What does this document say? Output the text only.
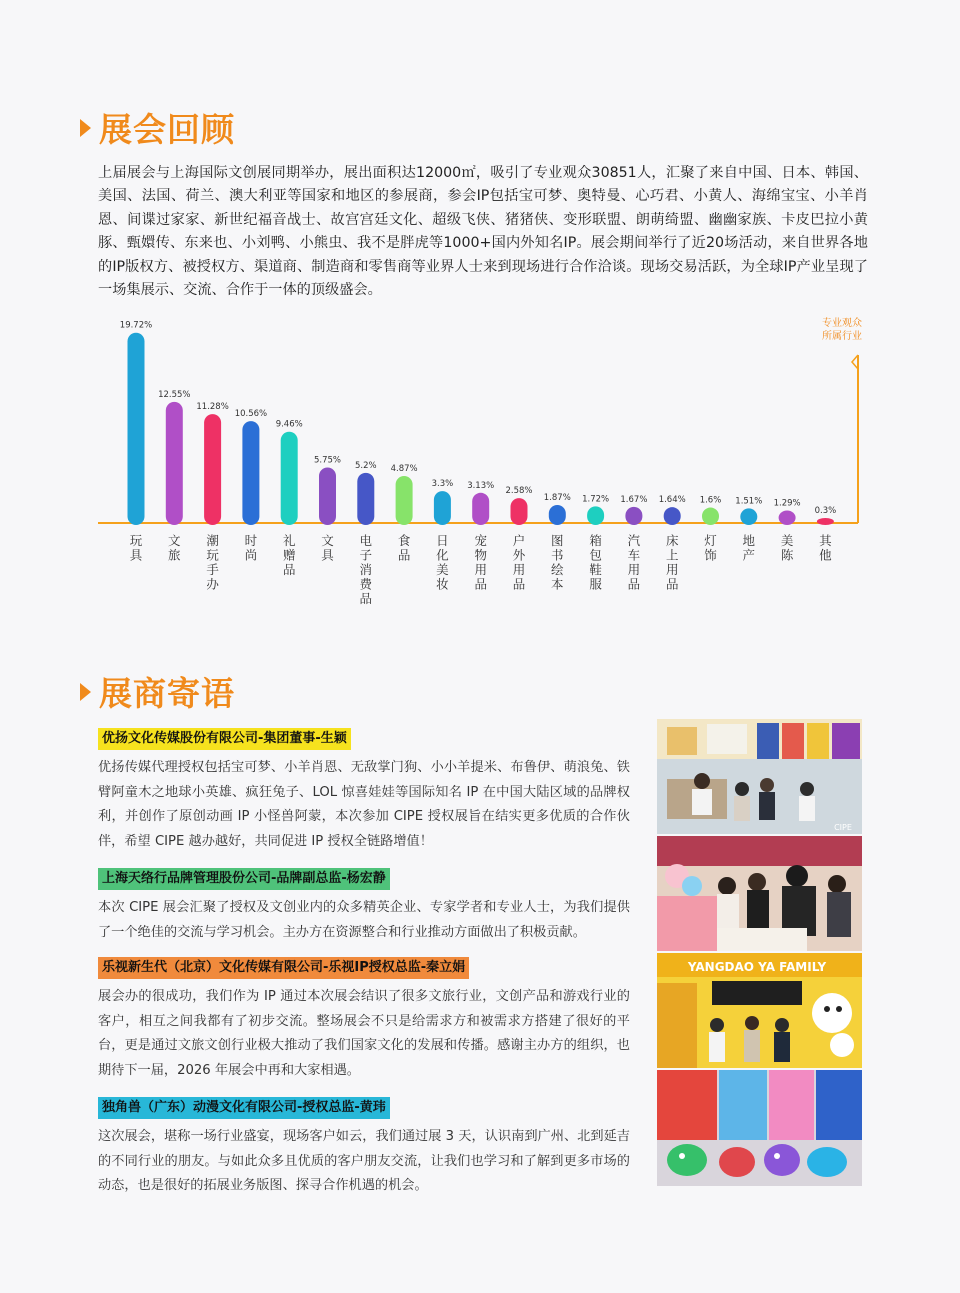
展会回顾

上届展会与上海国际文创展同期举办，展出面积达12000㎡，吸引了专业观众30851人，汇聚了来自中国、日本、韩国、美国、法国、荷兰、澳大利亚等国家和地区的参展商，参会IP包括宝可梦、奥特曼、心巧君、小黄人、海绵宝宝、小羊肖恩、间谍过家家、新世纪福音战士、故宫宫廷文化、超级飞侠、猪猪侠、变形联盟、朗萌绮盟、幽幽家族、卡皮巴拉小黄豚、甄嬛传、东来也、小刘鸭、小熊虫、我不是胖虎等1000+国内外知名IP。展会期间举行了近20场活动，来自世界各地的IP版权方、被授权方、渠道商、制造商和零售商等业界人士来到现场进行合作洽谈。现场交易活跃，为全球IP产业呈现了一场集展示、交流、合作于一体的顶级盛会。

专业观众
所属行业
19.72%
玩
具
12.55%
文
旅
11.28%
潮
玩
手
办
10.56%
时
尚
9.46%
礼
赠
品
5.75%
文
具
5.2%
电
子
消
费
品
4.87%
食
品
3.3%
日
化
美
妆
3.13%
宠
物
用
品
2.58%
户
外
用
品
1.87%
图
书
绘
本
1.72%
箱
包
鞋
服
1.67%
汽
车
用
品
1.64%
床
上
用
品
1.6%
灯
饰
1.51%
地
产
1.29%
美
陈
0.3%
其
他
展商寄语
优扬文化传媒股份有限公司-集团董事-生颖

优扬传媒代理授权包括宝可梦、小羊肖恩、无敌掌门狗、小小羊提米、布鲁伊、萌浪兔、铁臂阿童木之地球小英雄、疯狂兔子、LOL 惊喜娃娃等国际知名 IP 在中国大陆区域的品牌权利，并创作了原创动画 IP 小怪兽阿蒙，本次参加 CIPE 授权展旨在结实更多优质的合作伙伴，希望 CIPE 越办越好，共同促进 IP 授权全链路增值！

上海天络行品牌管理股份公司-品牌副总监-杨宏静

本次 CIPE 展会汇聚了授权及文创业内的众多精英企业、专家学者和专业人士，为我们提供了一个绝佳的交流与学习机会。主办方在资源整合和行业推动方面做出了积极贡献。

乐视新生代（北京）文化传媒有限公司-乐视IP授权总监-秦立娟

展会办的很成功，我们作为 IP 通过本次展会结识了很多文旅行业，文创产品和游戏行业的客户，相互之间我都有了初步交流。整场展会不只是给需求方和被需求方搭建了很好的平台，更是通过文旅文创行业极大推动了我们国家文化的发展和传播。感谢主办方的组织，也期待下一届，2026 年展会中再和大家相遇。

独角兽（广东）动漫文化有限公司-授权总监-黄玮

这次展会，堪称一场行业盛宴，现场客户如云，我们通过展 3 天，认识南到广州、北到延吉的不同行业的朋友。与如此众多且优质的客户朋友交流，让我们也学习和了解到更多市场的动态，也是很好的拓展业务版图、探寻合作机遇的机会。

CIPE
YANGDAO YA FAMILY
